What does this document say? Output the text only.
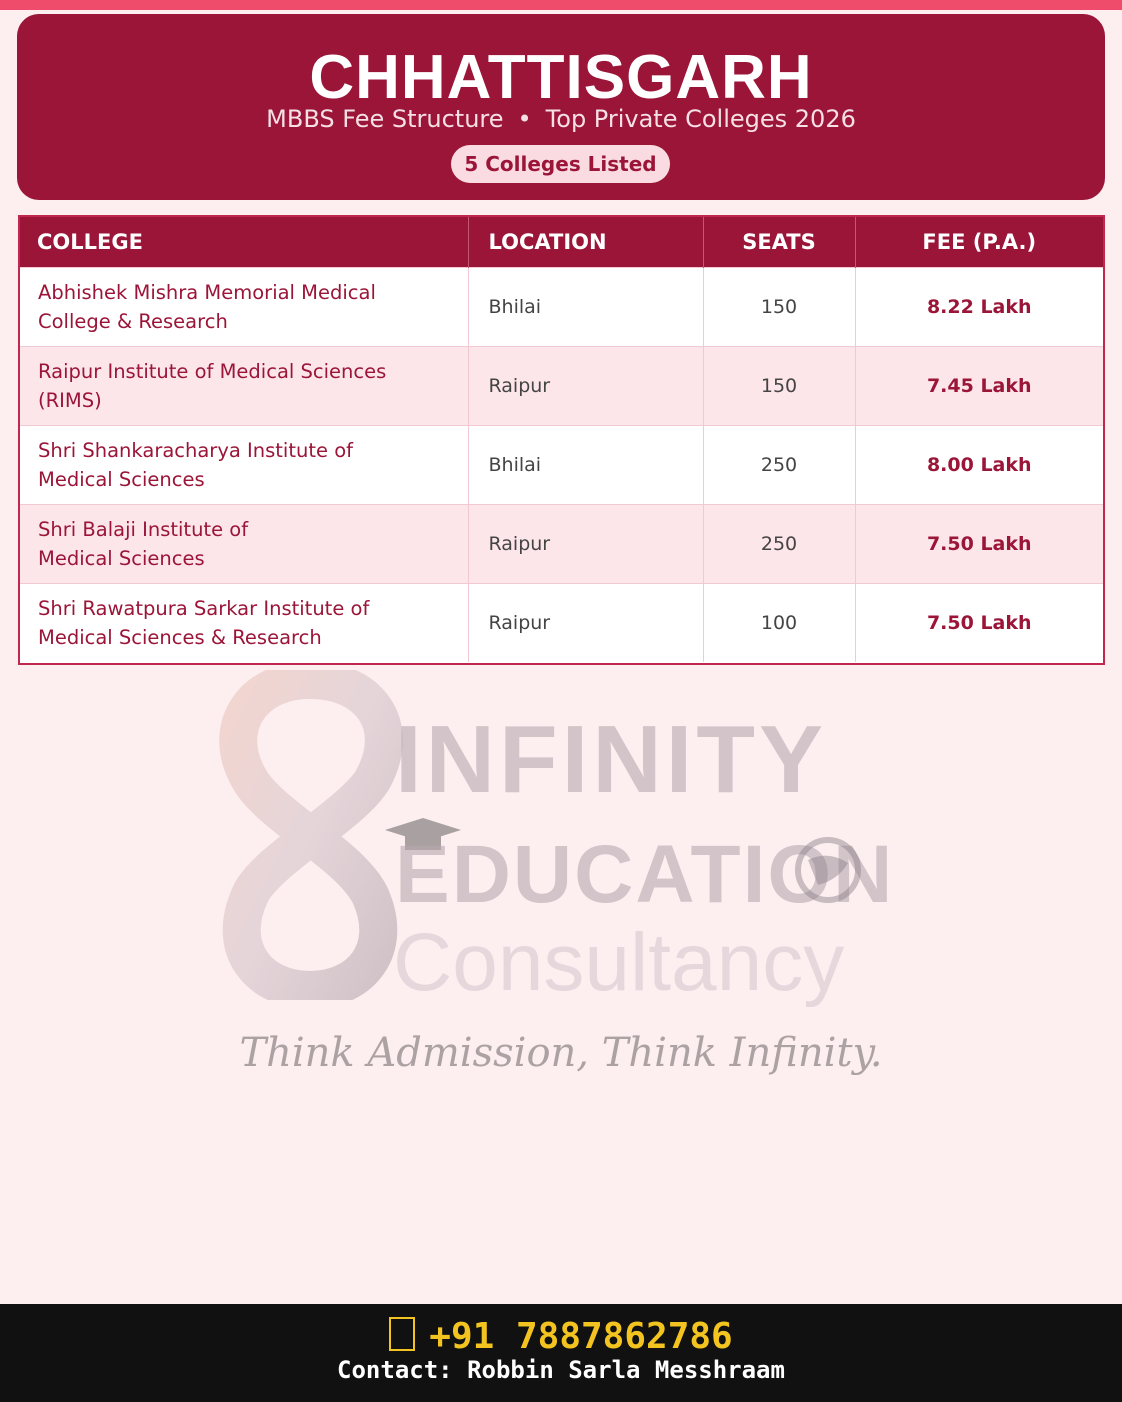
CHHATTISGARH
MBBS Fee Structure • Top Private Colleges 2026
5 Colleges Listed
COLLEGE	LOCATION	SEATS	FEE (P.A.)
Abhishek Mishra Memorial Medical
College & Research	Bhilai	150	8.22 Lakh
Raipur Institute of Medical Sciences
(RIMS)	Raipur	150	7.45 Lakh
Shri Shankaracharya Institute of
Medical Sciences	Bhilai	250	8.00 Lakh
Shri Balaji Institute of
Medical Sciences	Raipur	250	7.50 Lakh
Shri Rawatpura Sarkar Institute of
Medical Sciences & Research	Raipur	100	7.50 Lakh
INFINITY
EDUCATION
Consultancy
Think Admission, Think Infinity.
+91 7887862786
Contact: Robbin Sarla Messhraam
